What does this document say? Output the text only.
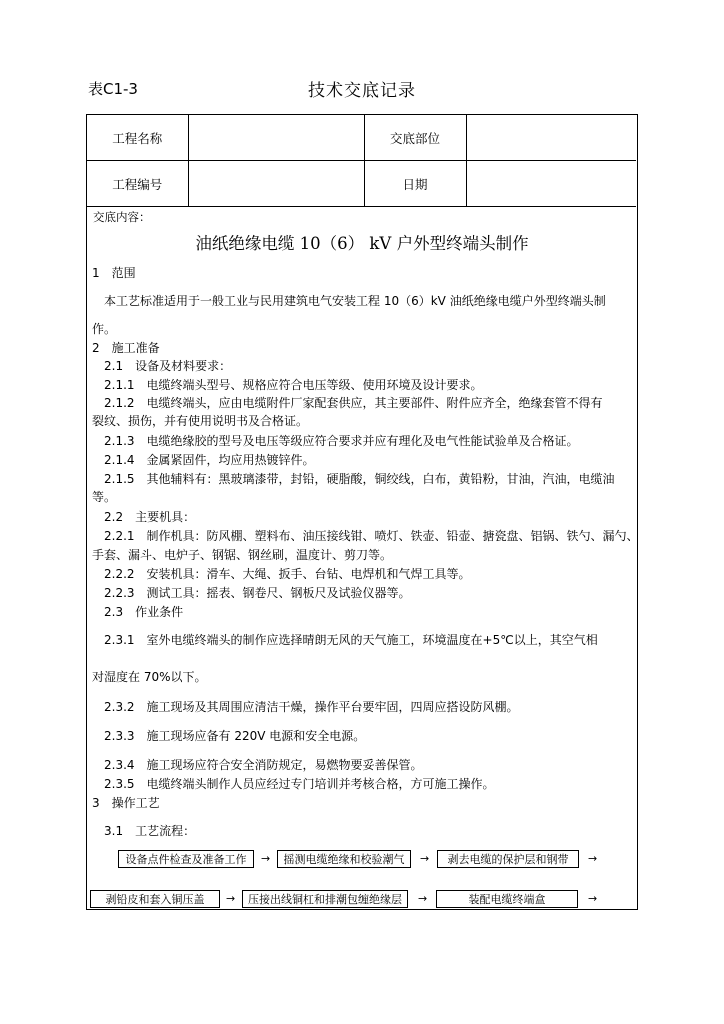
表C1-3	技术交底记录
工程名称		交底部位	
工程编号		日期	
交底内容：
油纸绝缘电缆 10（6） kV 户外型终端头制作
1　范围
本工艺标准适用于一般工业与民用建筑电气安装工程 10（6）kV 油纸绝缘电缆户外型终端头制
作。
2　施工准备
2.1　设备及材料要求：
2.1.1　电缆终端头型号、规格应符合电压等级、使用环境及设计要求。
2.1.2　电缆终端头，应由电缆附件厂家配套供应，其主要部件、附件应齐全，绝缘套管不得有
裂纹、损伤，并有使用说明书及合格证。
2.1.3　电缆绝缘胶的型号及电压等级应符合要求并应有理化及电气性能试验单及合格证。
2.1.4　金属紧固件，均应用热镀锌件。
2.1.5　其他辅料有：黑玻璃漆带，封铅，硬脂酸，铜绞线，白布，黄铅粉，甘油，汽油，电缆油
等。
2.2　主要机具：
2.2.1　制作机具：防风棚、塑料布、油压接线钳、喷灯、铁壶、铅壶、搪瓷盘、铝锅、铁勺、漏勺、
手套、漏斗、电炉子、钢锯、钢丝刷，温度计、剪刀等。
2.2.2　安装机具：滑车、大绳、扳手、台钻、电焊机和气焊工具等。
2.2.3　测试工具：摇表、钢卷尺、钢板尺及试验仪器等。
2.3　作业条件
2.3.1　室外电缆终端头的制作应选择晴朗无风的天气施工，环境温度在+5℃以上，其空气相
对湿度在 70%以下。
2.3.2　施工现场及其周围应清洁干燥，操作平台要牢固，四周应搭设防风棚。
2.3.3　施工现场应备有 220V 电源和安全电源。
2.3.4　施工现场应符合安全消防规定，易燃物要妥善保管。
2.3.5　电缆终端头制作人员应经过专门培训并考核合格，方可施工操作。
3　操作工艺
3.1　工艺流程：
设备点件检查及准备工作	→	摇测电缆绝缘和校验潮气	→	剥去电缆的保护层和钢带	→
剥铅皮和套入铜压盖	→	压接出线铜杠和排潮包缠绝缘层	→	装配电缆终端盒	→
